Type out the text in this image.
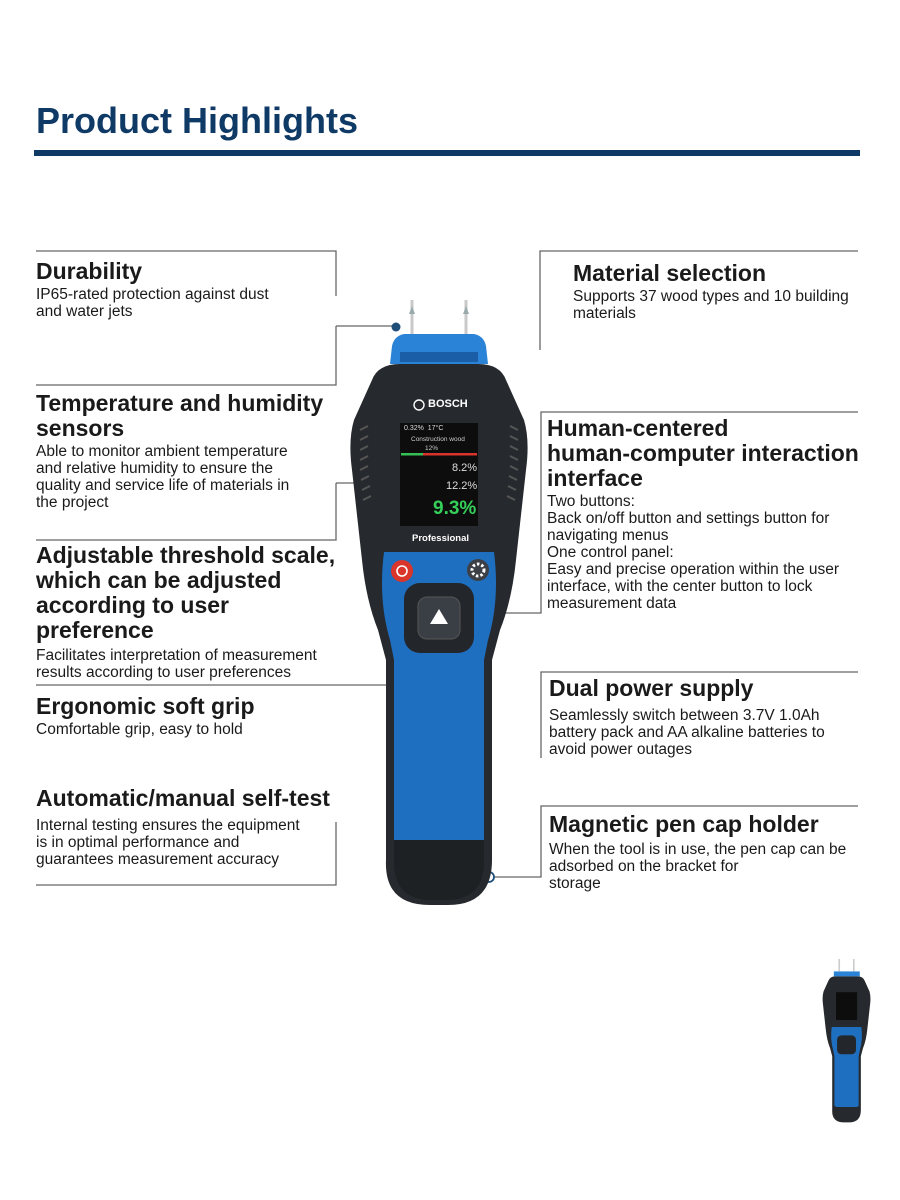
Product Highlights
BOSCH
0.32%  17°C
Construction wood
12%
8.2%
12.2%
9.3%
Professional
Durability

IP65-rated protection against dust
and water jets

Temperature and humidity
sensors

Able to monitor ambient temperature
and relative humidity to ensure the
quality and service life of materials in
the project

Adjustable threshold scale,
which can be adjusted
according to user
preference

Facilitates interpretation of measurement
results according to user preferences

Ergonomic soft grip

Comfortable grip, easy to hold

Automatic/manual self-test

Internal testing ensures the equipment
is in optimal performance and
guarantees measurement accuracy

Material selection

Supports 37 wood types and 10 building
materials

Human-centered
human-computer interaction
interface

Two buttons:
Back on/off button and settings button for
navigating menus
One control panel:
Easy and precise operation within the user
interface, with the center button to lock
measurement data

Dual power supply

Seamlessly switch between 3.7V 1.0Ah
battery pack and AA alkaline batteries to
avoid power outages

Magnetic pen cap holder

When the tool is in use, the pen cap can be
adsorbed on the bracket for
storage
